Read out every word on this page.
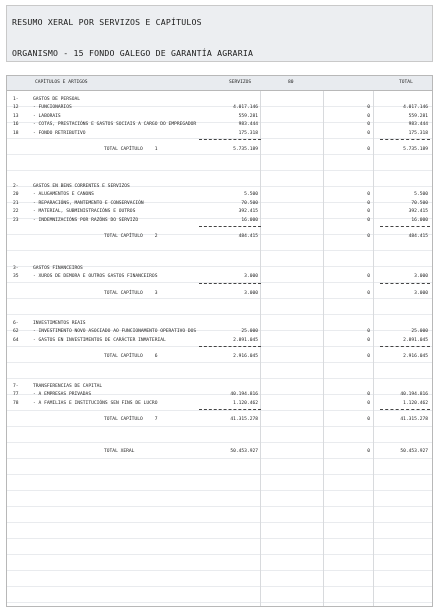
RESUMO XERAL POR SERVIZOS E CAPÍTULOS
ORGANISMO - 15 FONDO GALEGO DE GARANTÍA AGRARIA
CAPÍTULOS E ARTIGOS	SERVIZOS	80	TOTAL
1-	GASTOS DE PERSOAL
12	- FUNCIONARIOS	4.017.146	0	4.017.146
13	- LABORAIS	559.281	0	559.281
16	- COTAS, PRESTACIÓNS E GASTOS SOCIAIS A CARGO DO EMPREGADOR	983.444	0	983.444
18	- FONDO RETRIBUTIVO	175.318	0	175.318
TOTAL CAPÍTULO	1	5.735.189	0	5.735.189
2-	GASTOS EN BENS CORRENTES E SERVIZOS
20	- ALUGAMENTOS E CANONS	5.500	0	5.500
21	- REPARACIÓNS, MANTEMENTO E CONSERVACIÓN	70.500	0	70.500
22	- MATERIAL, SUBMINISTRACIÓNS E OUTROS	392.415	0	392.415
23	- INDEMNIZACIÓNS POR RAZÓNS DO SERVIZO	16.000	0	16.000
TOTAL CAPÍTULO	2	484.415	0	484.415
3-	GASTOS FINANCEIROS
35	- XUROS DE DEMORA E OUTROS GASTOS FINANCEIROS	3.000	0	3.000
TOTAL CAPÍTULO	3	3.000	0	3.000
6-	INVESTIMENTOS REAIS
62	- INVESTIMENTO NOVO ASOCIADO AO FUNCIONAMENTO OPERATIVO DOS	25.000	0	25.000
64	- GASTOS EN INVESTIMENTOS DE CARÁCTER INMATERIAL	2.891.045	0	2.891.045
TOTAL CAPÍTULO	6	2.916.045	0	2.916.045
7-	TRANSFERENCIAS DE CAPITAL
77	- A EMPRESAS PRIVADAS	40.194.816	0	40.194.816
78	- A FAMILIAS E INSTITUCIÓNS SEN FINS DE LUCRO	1.120.462	0	1.120.462
TOTAL CAPÍTULO	7	41.315.278	0	41.315.278
TOTAL XERAL	50.453.927	0	50.453.927
